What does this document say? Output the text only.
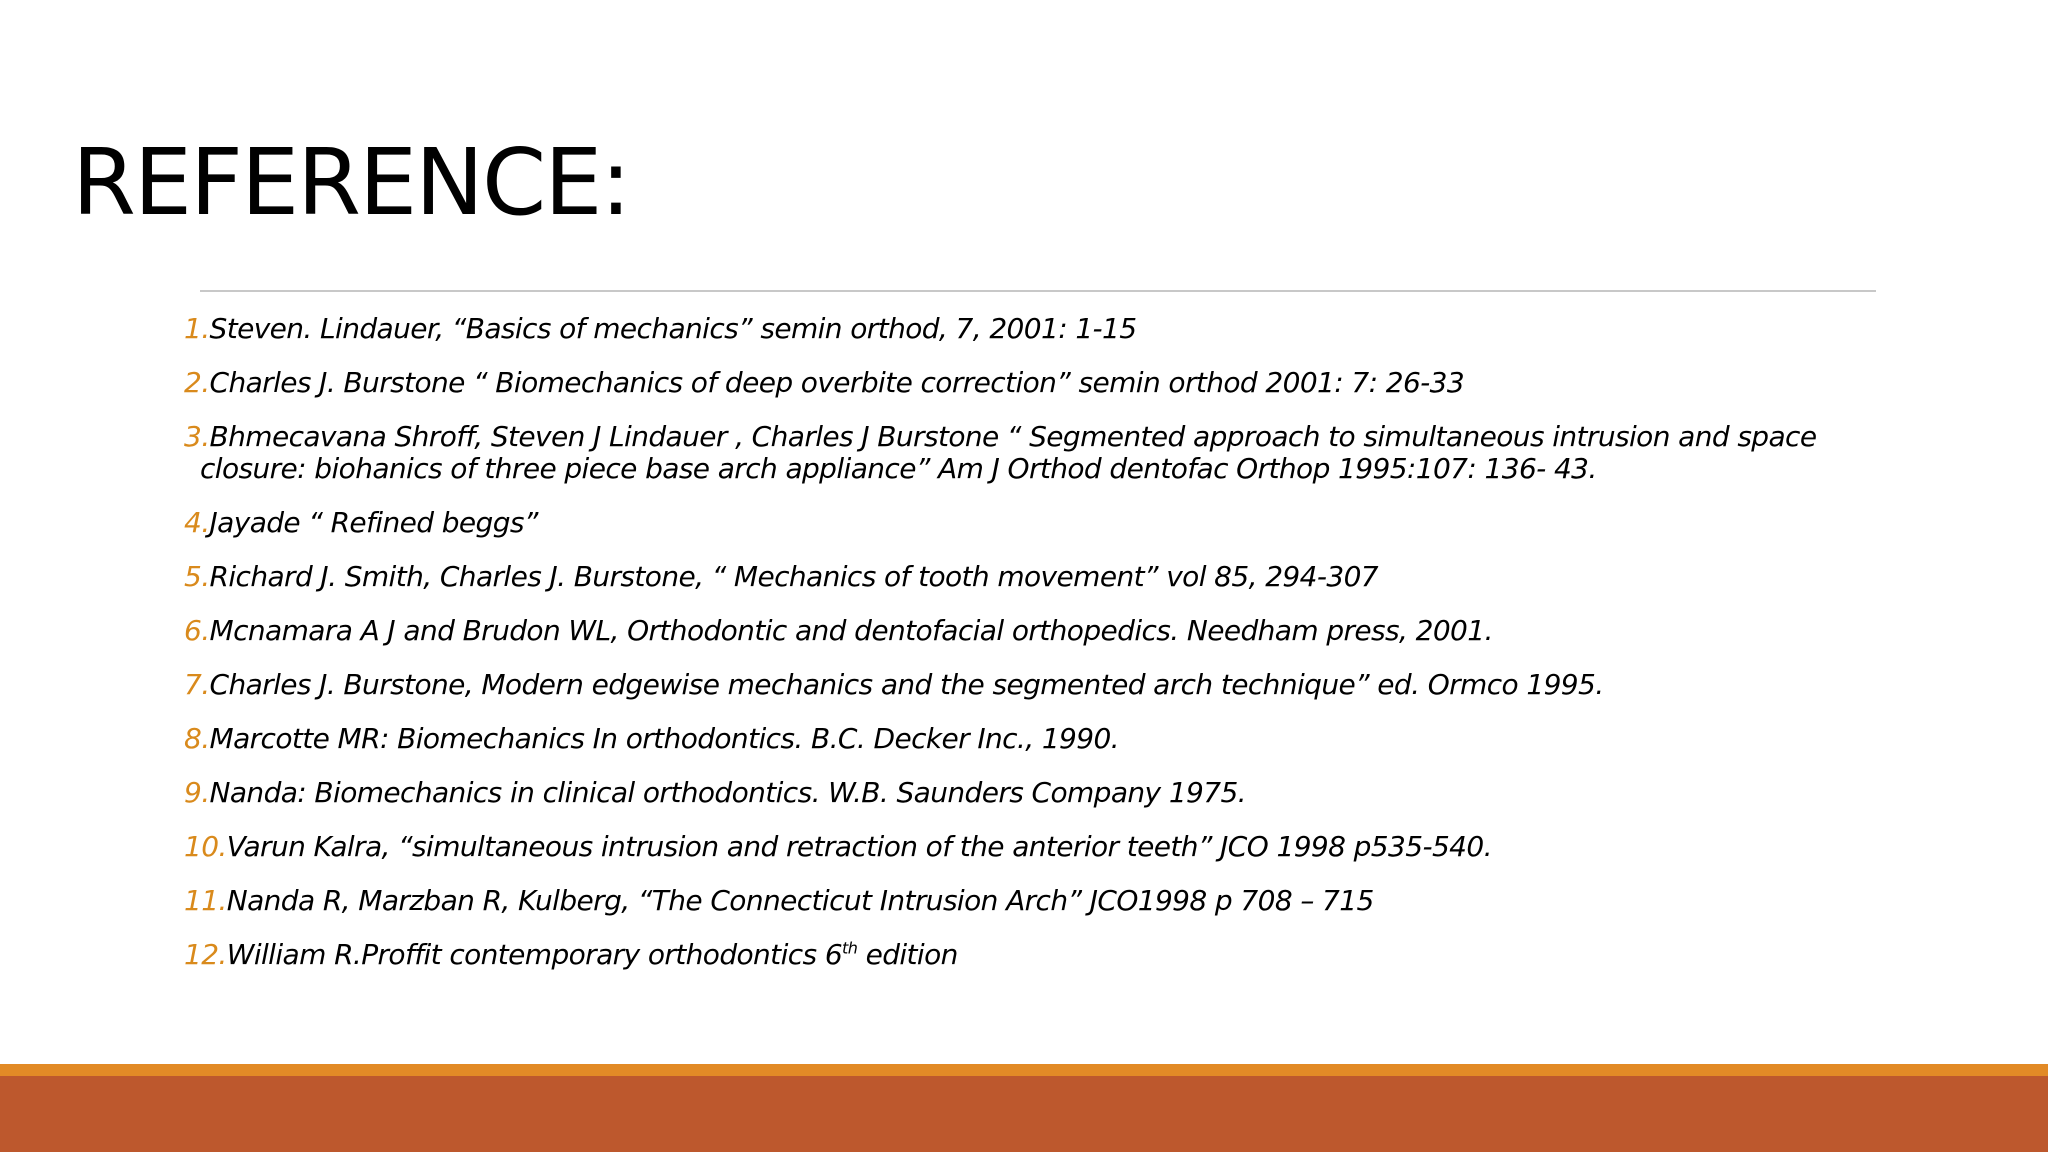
REFERENCE:
1. Steven. Lindauer, “Basics of mechanics” semin orthod, 7, 2001: 1-15
2. Charles J. Burstone “ Biomechanics of deep overbite correction” semin orthod 2001: 7: 26-33
3.Bhmecavana Shroff, Steven J Lindauer , Charles J Burstone “ Segmented approach to simultaneous intrusion and space closure: biohanics of three piece base arch appliance” Am J Orthod dentofac Orthop 1995:107: 136- 43.
4. Jayade “ Refined beggs”
5. Richard J. Smith, Charles J. Burstone, “ Mechanics of tooth movement” vol 85, 294-307
6. Mcnamara A J and Brudon WL, Orthodontic and dentofacial orthopedics. Needham press, 2001.
7. Charles J. Burstone, Modern edgewise mechanics and the segmented arch technique” ed. Ormco 1995.
8. Marcotte MR: Biomechanics In orthodontics. B.C. Decker Inc., 1990.
9. Nanda: Biomechanics in clinical orthodontics. W.B. Saunders Company 1975.
10. Varun Kalra, “simultaneous intrusion and retraction of the anterior teeth” JCO 1998 p535-540.
11. Nanda R, Marzban R, Kulberg, “The Connecticut Intrusion Arch” JCO1998 p 708 – 715
12. William R.Proffit contemporary orthodontics 6th edition
